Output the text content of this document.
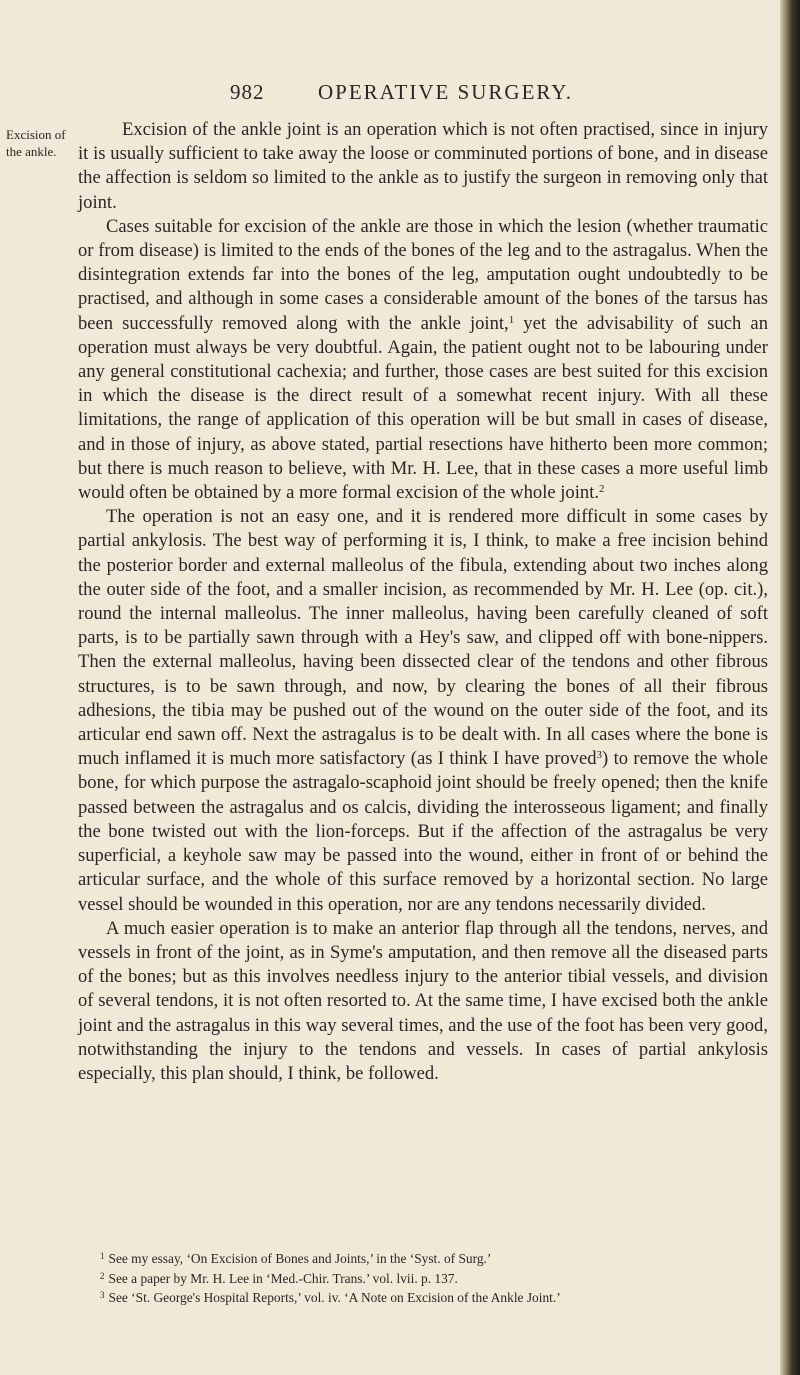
982	OPERATIVE SURGERY.
Excision of the ankle.

Excision of the ankle joint is an operation which is not often practised, since in injury it is usually sufficient to take away the loose or comminuted portions of bone, and in disease the affection is seldom so limited to the ankle as to justify the surgeon in removing only that joint.

Cases suitable for excision of the ankle are those in which the lesion (whether traumatic or from disease) is limited to the ends of the bones of the leg and to the astragalus. When the disintegration extends far into the bones of the leg, amputation ought undoubtedly to be practised, and although in some cases a considerable amount of the bones of the tarsus has been successfully removed along with the ankle joint,$^1$ yet the advisability of such an operation must always be very doubtful. Again, the patient ought not to be labouring under any general constitutional cachexia; and further, those cases are best suited for this excision in which the disease is the direct result of a somewhat recent injury. With all these limitations, the range of application of this operation will be but small in cases of disease, and in those of injury, as above stated, partial resections have hitherto been more common; but there is much reason to believe, with Mr. H. Lee, that in these cases a more useful limb would often be obtained by a more formal excision of the whole joint.$^2$

The operation is not an easy one, and it is rendered more difficult in some cases by partial ankylosis. The best way of performing it is, I think, to make a free incision behind the posterior border and external malleolus of the fibula, extending about two inches along the outer side of the foot, and a smaller incision, as recommended by Mr. H. Lee (op. cit.), round the internal malleolus. The inner malleolus, having been carefully cleaned of soft parts, is to be partially sawn through with a Hey's saw, and clipped off with bone-nippers. Then the external malleolus, having been dissected clear of the tendons and other fibrous structures, is to be sawn through, and now, by clearing the bones of all their fibrous adhesions, the tibia may be pushed out of the wound on the outer side of the foot, and its articular end sawn off. Next the astragalus is to be dealt with. In all cases where the bone is much inflamed it is much more satisfactory (as I think I have proved$^3$) to remove the whole bone, for which purpose the astragalo-scaphoid joint should be freely opened; then the knife passed between the astragalus and os calcis, dividing the interosseous ligament; and finally the bone twisted out with the lion-forceps. But if the affection of the astragalus be very superficial, a keyhole saw may be passed into the wound, either in front of or behind the articular surface, and the whole of this surface removed by a horizontal section. No large vessel should be wounded in this operation, nor are any tendons necessarily divided.

A much easier operation is to make an anterior flap through all the tendons, nerves, and vessels in front of the joint, as in Syme's amputation, and then remove all the diseased parts of the bones; but as this involves needless injury to the anterior tibial vessels, and division of several tendons, it is not often resorted to. At the same time, I have excised both the ankle joint and the astragalus in this way several times, and the use of the foot has been very good, notwithstanding the injury to the tendons and vessels. In cases of partial ankylosis especially, this plan should, I think, be followed.

$^1$ See my essay, ‘On Excision of Bones and Joints,’ in the ‘Syst. of Surg.’
$^2$ See a paper by Mr. H. Lee in ‘Med.-Chir. Trans.’ vol. lvii. p. 137.
$^3$ See ‘St. George's Hospital Reports,’ vol. iv. ‘A Note on Excision of the Ankle Joint.’
